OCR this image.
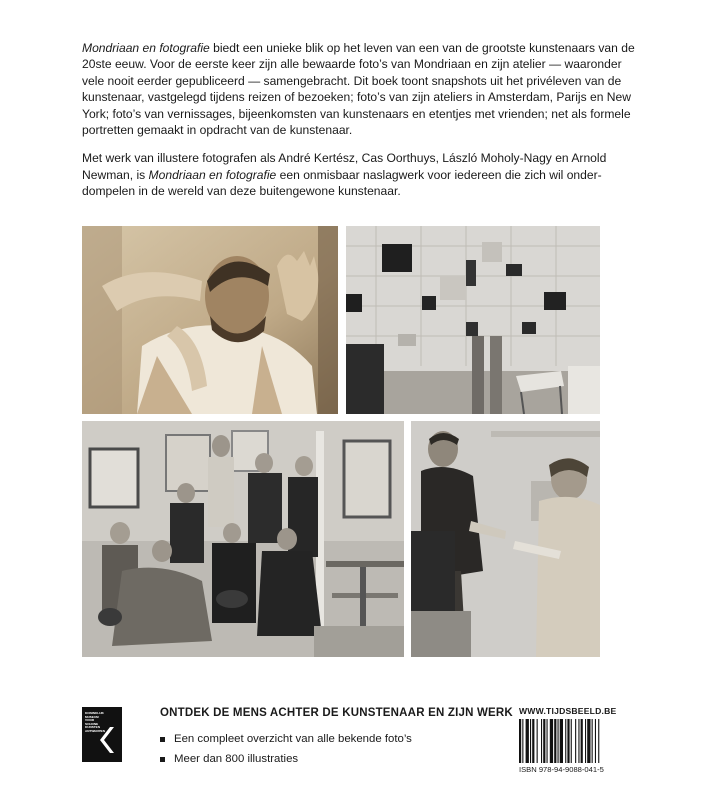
Mondriaan en fotografie biedt een unieke blik op het leven van een van de grootste kunstenaars van de 20ste eeuw. Voor de eerste keer zijn alle bewaarde foto’s van Mondriaan en zijn atelier — waaronder vele nooit eerder gepubliceerd — samengebracht. Dit boek toont snapshots uit het privéleven van de kunstenaar, vastgelegd tijdens reizen of bezoeken; foto’s van zijn ateliers in Amsterdam, Parijs en New York; foto’s van vernissages, bijeenkomsten van kunstenaars en etentjes met vrienden; net als formele portretten gemaakt in opdracht van de kunstenaar.

Met werk van illustere fotografen als André Kertész, Cas Oorthuys, László Moholy-Nagy en Arnold Newman, is Mondriaan en fotografie een onmisbaar naslagwerk voor iedereen die zich wil onder-dompelen in de wereld van deze buitengewone kunstenaar.

KONINKLIJK MUSEUM VOOR SCHONE KUNSTEN ANTWERPEN

ONTDEK DE MENS ACHTER DE KUNSTENAAR EN ZIJN WERK

Een compleet overzicht van alle bekende foto’s
Meer dan 800 illustraties

WWW.TIJDSBEELD.BE

ISBN 978-94-9088-041-5
